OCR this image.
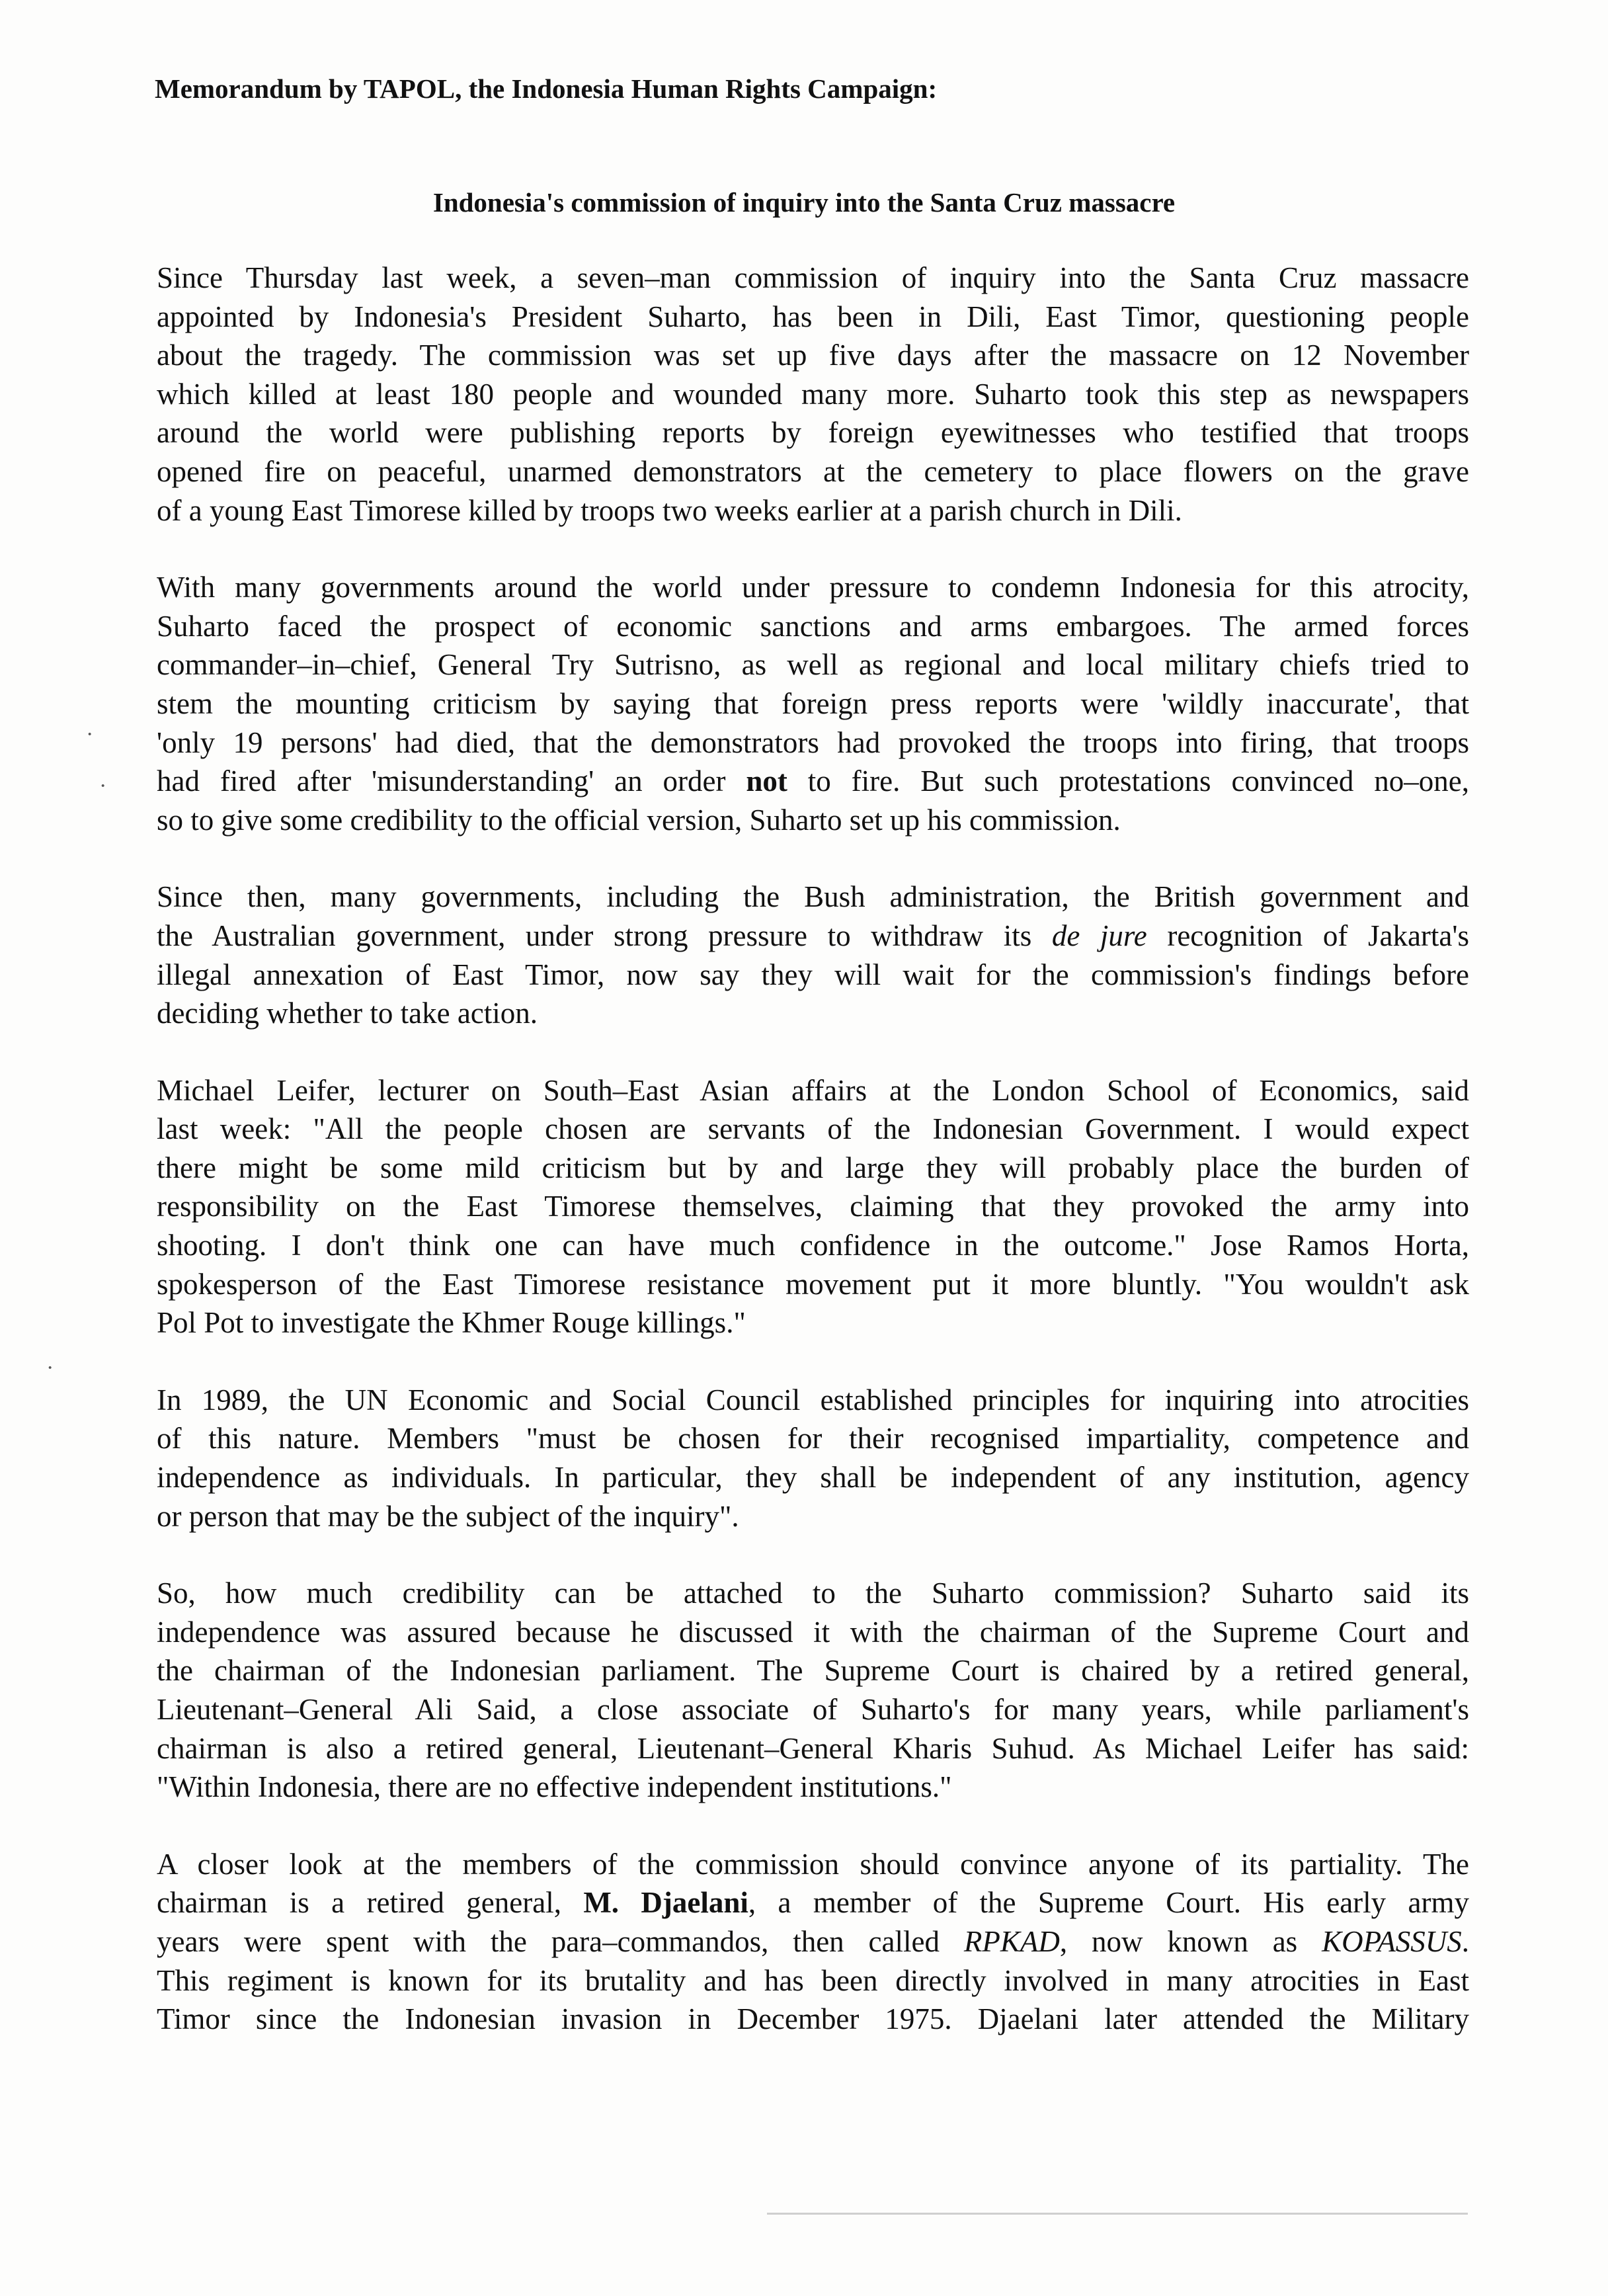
Memorandum by TAPOL, the Indonesia Human Rights Campaign:
Indonesia's commission of inquiry into the Santa Cruz massacre

Since Thursday last week, a seven–man commission of inquiry into the Santa Cruz massacre
appointed by Indonesia's President Suharto, has been in Dili, East Timor, questioning people
about the tragedy. The commission was set up five days after the massacre on 12 November
which killed at least 180 people and wounded many more. Suharto took this step as newspapers
around the world were publishing reports by foreign eyewitnesses who testified that troops
opened fire on peaceful, unarmed demonstrators at the cemetery to place flowers on the grave
of a young East Timorese killed by troops two weeks earlier at a parish church in Dili.

With many governments around the world under pressure to condemn Indonesia for this atrocity,
Suharto faced the prospect of economic sanctions and arms embargoes. The armed forces
commander–in–chief, General Try Sutrisno, as well as regional and local military chiefs tried to
stem the mounting criticism by saying that foreign press reports were 'wildly inaccurate', that
'only 19 persons' had died, that the demonstrators had provoked the troops into firing, that troops
had fired after 'misunderstanding' an order not to fire. But such protestations convinced no–one,
so to give some credibility to the official version, Suharto set up his commission.

Since then, many governments, including the Bush administration, the British government and
the Australian government, under strong pressure to withdraw its de jure recognition of Jakarta's
illegal annexation of East Timor, now say they will wait for the commission's findings before
deciding whether to take action.

Michael Leifer, lecturer on South–East Asian affairs at the London School of Economics, said
last week: "All the people chosen are servants of the Indonesian Government. I would expect
there might be some mild criticism but by and large they will probably place the burden of
responsibility on the East Timorese themselves, claiming that they provoked the army into
shooting. I don't think one can have much confidence in the outcome." Jose Ramos Horta,
spokesperson of the East Timorese resistance movement put it more bluntly. "You wouldn't ask
Pol Pot to investigate the Khmer Rouge killings."

In 1989, the UN Economic and Social Council established principles for inquiring into atrocities
of this nature. Members "must be chosen for their recognised impartiality, competence and
independence as individuals. In particular, they shall be independent of any institution, agency
or person that may be the subject of the inquiry".

So, how much credibility can be attached to the Suharto commission? Suharto said its
independence was assured because he discussed it with the chairman of the Supreme Court and
the chairman of the Indonesian parliament. The Supreme Court is chaired by a retired general,
Lieutenant–General Ali Said, a close associate of Suharto's for many years, while parliament's
chairman is also a retired general, Lieutenant–General Kharis Suhud. As Michael Leifer has said:
"Within Indonesia, there are no effective independent institutions."

A closer look at the members of the commission should convince anyone of its partiality. The
chairman is a retired general, M. Djaelani, a member of the Supreme Court. His early army
years were spent with the para–commandos, then called RPKAD, now known as KOPASSUS.
This regiment is known for its brutality and has been directly involved in many atrocities in East
Timor since the Indonesian invasion in December 1975. Djaelani later attended the Military

·
·
·
